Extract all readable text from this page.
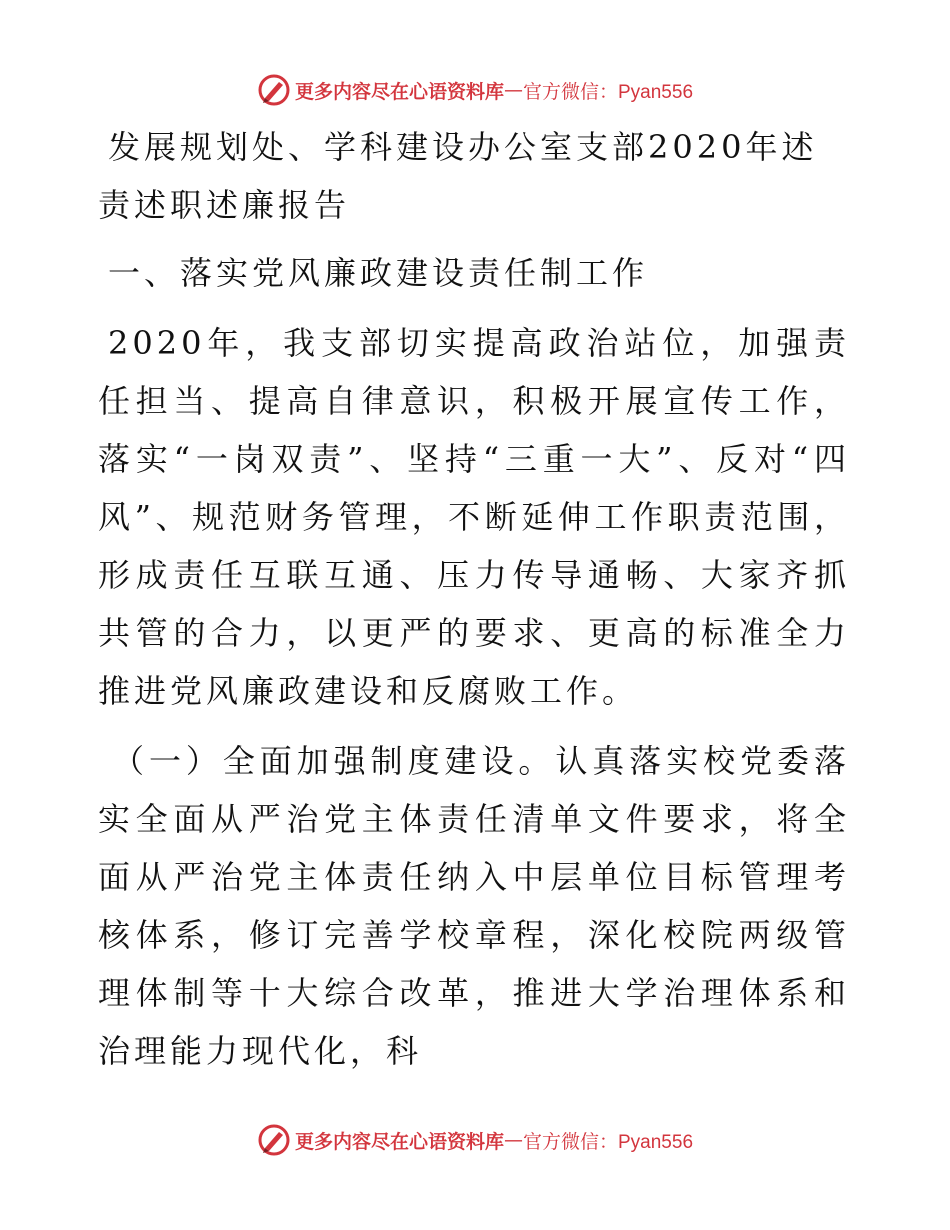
更多内容尽在心语资料库 — 官方微信：Pyan556
发展规划处、学科建设办公室支部2020年述责述职述廉报告
一、落实党风廉政建设责任制工作

2020年，我支部切实提高政治站位，加强责任担当、提高自律意识，积极开展宣传工作，落实“一岗双责”、坚持“三重一大”、反对“四风”、规范财务管理，不断延伸工作职责范围，形成责任互联互通、压力传导通畅、大家齐抓共管的合力，以更严的要求、更高的标准全力推进党风廉政建设和反腐败工作。

（一）全面加强制度建设。认真落实校党委落实全面从严治党主体责任清单文件要求，将全面从严治党主体责任纳入中层单位目标管理考核体系，修订完善学校章程，深化校院两级管理体制等十大综合改革，推进大学治理体系和治理能力现代化，科

更多内容尽在心语资料库 — 官方微信：Pyan556
